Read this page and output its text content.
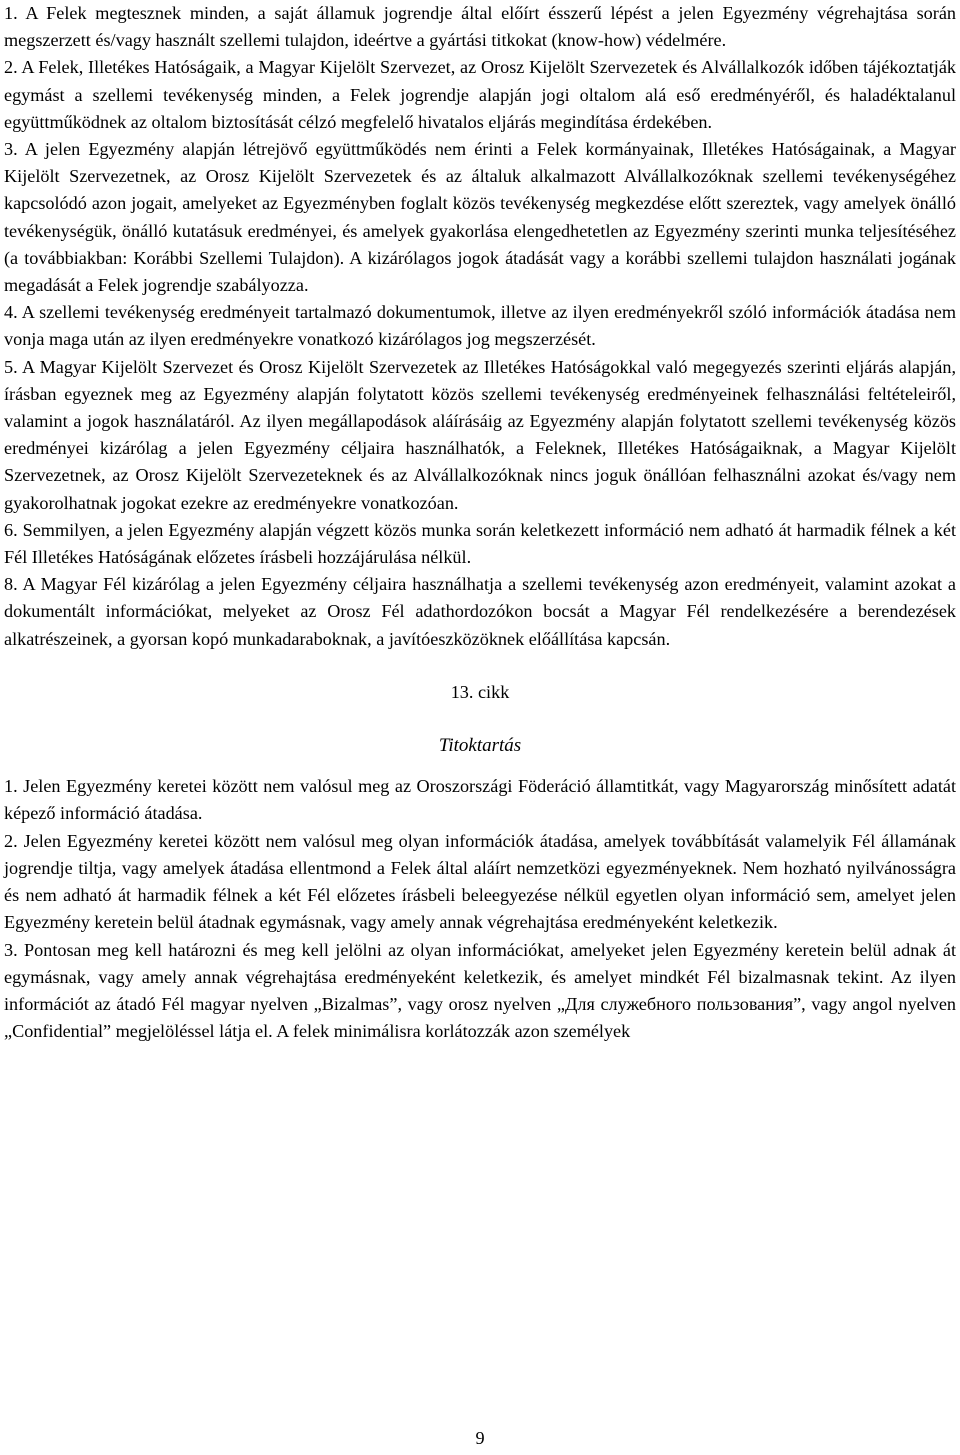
1. A Felek megtesznek minden, a saját államuk jogrendje által előírt ésszerű lépést a jelen Egyezmény végrehajtása során megszerzett és/vagy használt szellemi tulajdon, ideértve a gyártási titkokat (know-how) védelmére.

2. A Felek, Illetékes Hatóságaik, a Magyar Kijelölt Szervezet, az Orosz Kijelölt Szervezetek és Alvállalkozók időben tájékoztatják egymást a szellemi tevékenység minden, a Felek jogrendje alapján jogi oltalom alá eső eredményéről, és haladéktalanul együttműködnek az oltalom biztosítását célzó megfelelő hivatalos eljárás megindítása érdekében.

3. A jelen Egyezmény alapján létrejövő együttműködés nem érinti a Felek kormányainak, Illetékes Hatóságainak, a Magyar Kijelölt Szervezetnek, az Orosz Kijelölt Szervezetek és az általuk alkalmazott Alvállalkozóknak szellemi tevékenységéhez kapcsolódó azon jogait, amelyeket az Egyezményben foglalt közös tevékenység megkezdése előtt szereztek, vagy amelyek önálló tevékenységük, önálló kutatásuk eredményei, és amelyek gyakorlása elengedhetetlen az Egyezmény szerinti munka teljesítéséhez (a továbbiakban: Korábbi Szellemi Tulajdon). A kizárólagos jogok átadását vagy a korábbi szellemi tulajdon használati jogának megadását a Felek jogrendje szabályozza.

4. A szellemi tevékenység eredményeit tartalmazó dokumentumok, illetve az ilyen eredményekről szóló információk átadása nem vonja maga után az ilyen eredményekre vonatkozó kizárólagos jog megszerzését.

5. A Magyar Kijelölt Szervezet és Orosz Kijelölt Szervezetek az Illetékes Hatóságokkal való megegyezés szerinti eljárás alapján, írásban egyeznek meg az Egyezmény alapján folytatott közös szellemi tevékenység eredményeinek felhasználási feltételeiről, valamint a jogok használatáról. Az ilyen megállapodások aláírásáig az Egyezmény alapján folytatott szellemi tevékenység közös eredményei kizárólag a jelen Egyezmény céljaira használhatók, a Feleknek, Illetékes Hatóságaiknak, a Magyar Kijelölt Szervezetnek, az Orosz Kijelölt Szervezeteknek és az Alvállalkozóknak nincs joguk önállóan felhasználni azokat és/vagy nem gyakorolhatnak jogokat ezekre az eredményekre vonatkozóan.

6. Semmilyen, a jelen Egyezmény alapján végzett közös munka során keletkezett információ nem adható át harmadik félnek a két Fél Illetékes Hatóságának előzetes írásbeli hozzájárulása nélkül.

8. A Magyar Fél kizárólag a jelen Egyezmény céljaira használhatja a szellemi tevékenység azon eredményeit, valamint azokat a dokumentált információkat, melyeket az Orosz Fél adathordozókon bocsát a Magyar Fél rendelkezésére a berendezések alkatrészeinek, a gyorsan kopó munkadaraboknak, a javítóeszközöknek előállítása kapcsán.

13. cikk
Titoktartás

1. Jelen Egyezmény keretei között nem valósul meg az Oroszországi Föderáció államtitkát, vagy Magyarország minősített adatát képező információ átadása.

2. Jelen Egyezmény keretei között nem valósul meg olyan információk átadása, amelyek továbbítását valamelyik Fél államának jogrendje tiltja, vagy amelyek átadása ellentmond a Felek által aláírt nemzetközi egyezményeknek. Nem hozható nyilvánosságra és nem adható át harmadik félnek a két Fél előzetes írásbeli beleegyezése nélkül egyetlen olyan információ sem, amelyet jelen Egyezmény keretein belül átadnak egymásnak, vagy amely annak végrehajtása eredményeként keletkezik.

3. Pontosan meg kell határozni és meg kell jelölni az olyan információkat, amelyeket jelen Egyezmény keretein belül adnak át egymásnak, vagy amely annak végrehajtása eredményeként keletkezik, és amelyet mindkét Fél bizalmasnak tekint. Az ilyen információt az átadó Fél magyar nyelven „Bizalmas”, vagy orosz nyelven „Для служебного пользования”, vagy angol nyelven „Confidential” megjelöléssel látja el. A felek minimálisra korlátozzák azon személyek

9
